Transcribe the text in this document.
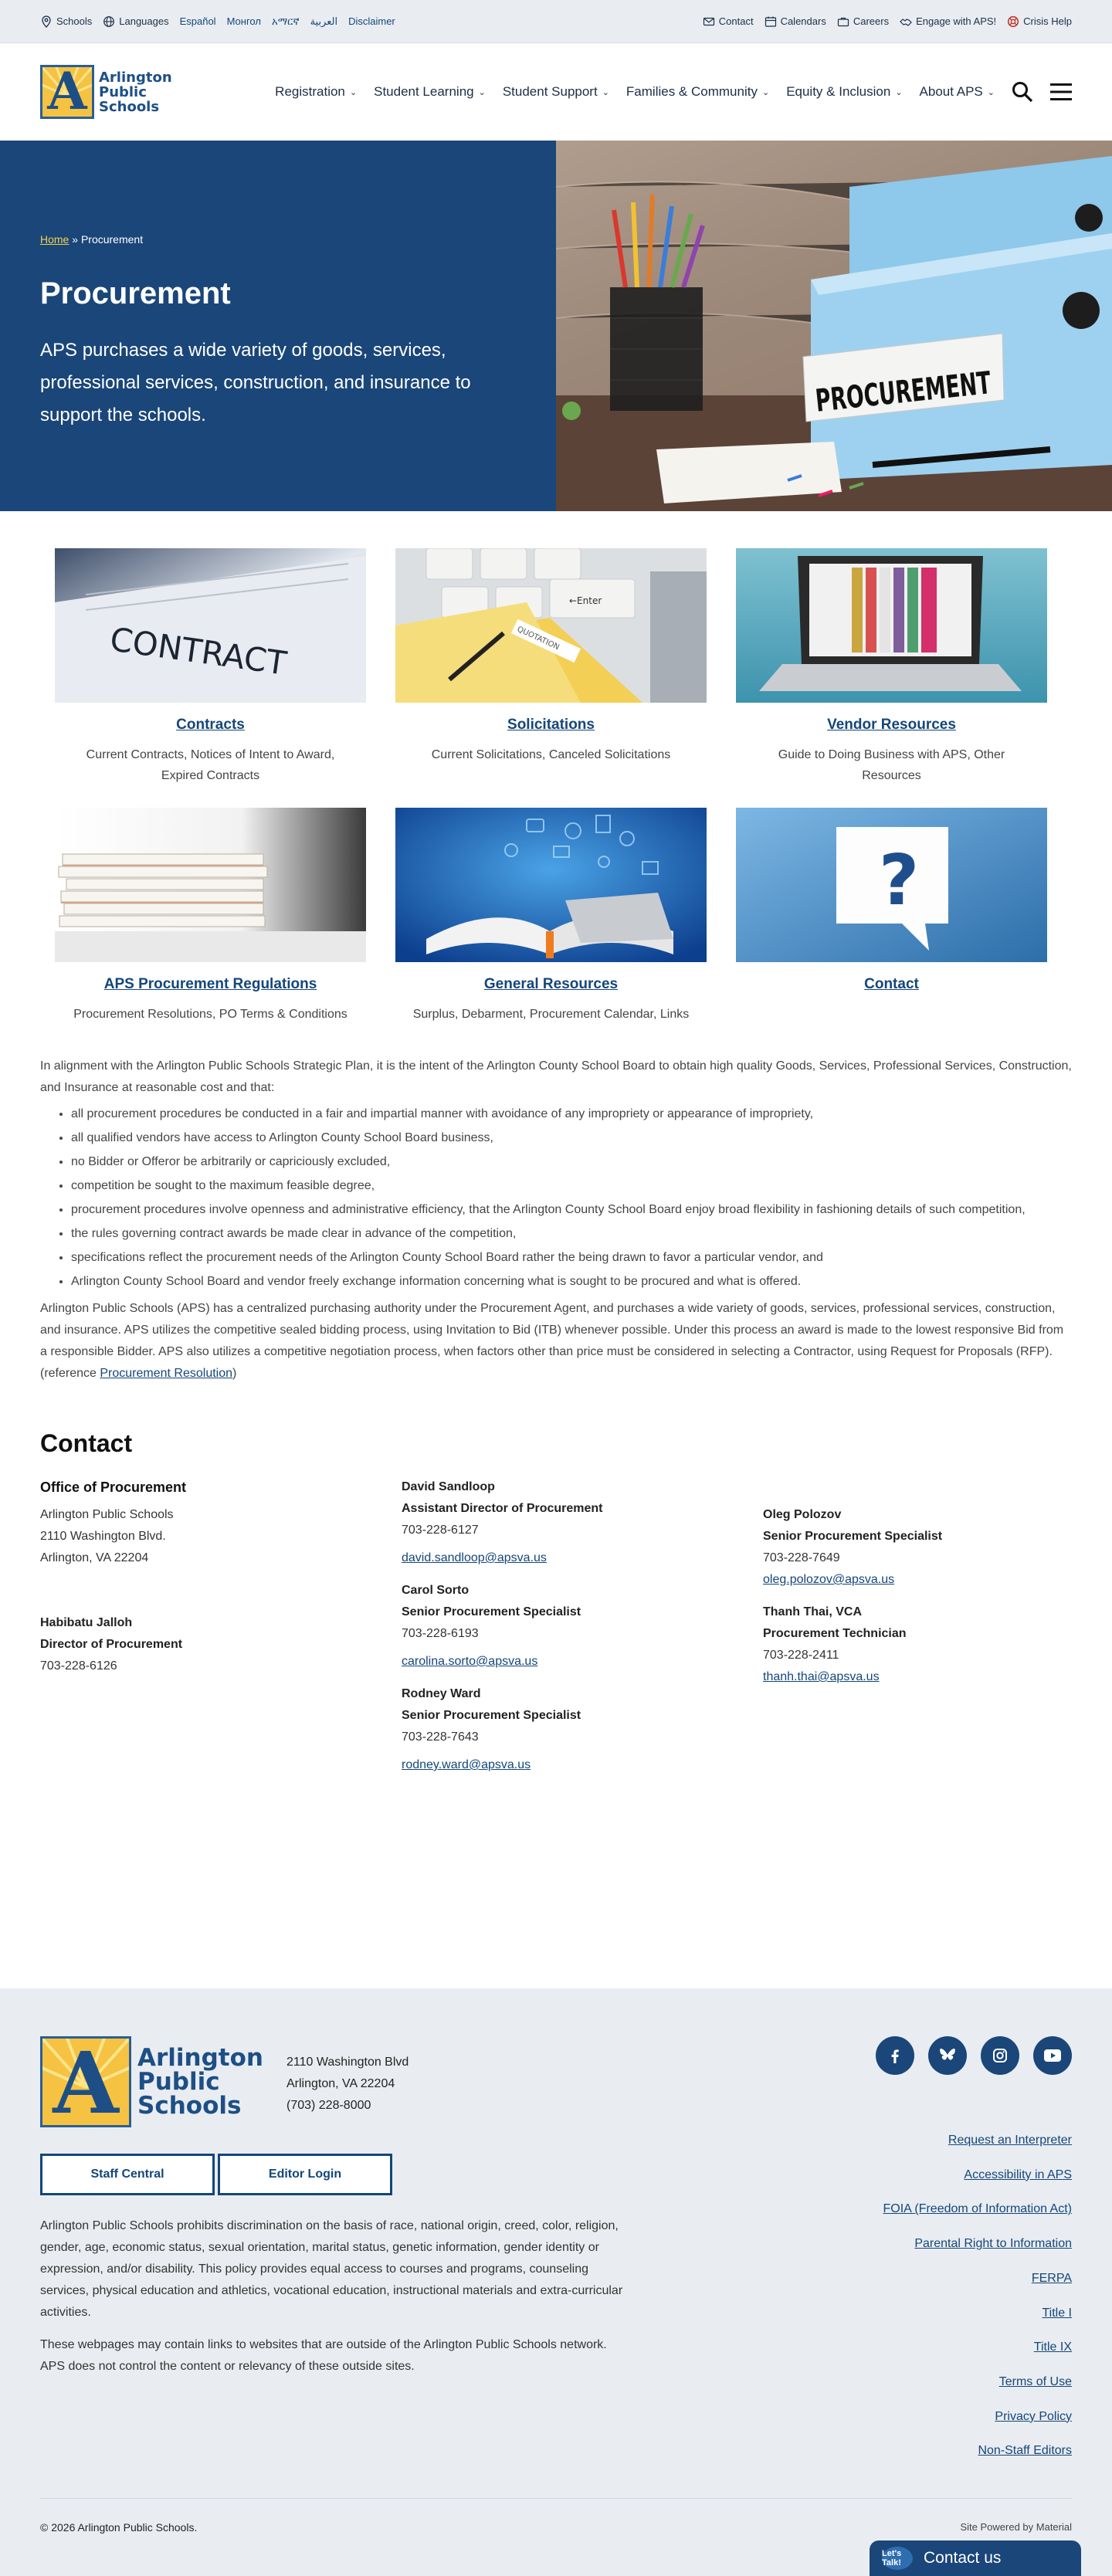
Schools	Languages Español Монгол አማርኛ العربية Disclaimer	Contact	Calendars	Careers	Engage with APS!	Crisis Help
A Arlington
Public
Schools
Registration ⌄ Student Learning ⌄ Student Support ⌄ Families & Community ⌄ Equity & Inclusion ⌄ About APS ⌄
Home » Procurement
Procurement

APS purchases a wide variety of goods, services, professional services, construction, and insurance to support the schools.	PROCUREMENT
CONTRACT
Contracts
Current Contracts, Notices of Intent to Award, Expired Contracts
←Enter
QUOTATION
Solicitations
Current Solicitations, Canceled Solicitations
Vendor Resources
Guide to Doing Business with APS, Other Resources
APS Procurement Regulations
Procurement Resolutions, PO Terms & Conditions
General Resources
Surplus, Debarment, Procurement Calendar, Links
?
Contact

In alignment with the Arlington Public Schools Strategic Plan, it is the intent of the Arlington County School Board to obtain high quality Goods, Services, Professional Services, Construction, and Insurance at reasonable cost and that:

• all procurement procedures be conducted in a fair and impartial manner with avoidance of any impropriety or appearance of impropriety,
• all qualified vendors have access to Arlington County School Board business,
• no Bidder or Offeror be arbitrarily or capriciously excluded,
• competition be sought to the maximum feasible degree,
• procurement procedures involve openness and administrative efficiency, that the Arlington County School Board enjoy broad flexibility in fashioning details of such competition,
• the rules governing contract awards be made clear in advance of the competition,
• specifications reflect the procurement needs of the Arlington County School Board rather the being drawn to favor a particular vendor, and
• Arlington County School Board and vendor freely exchange information concerning what is sought to be procured and what is offered.

Arlington Public Schools (APS) has a centralized purchasing authority under the Procurement Agent, and purchases a wide variety of goods, services, professional services, construction, and insurance. APS utilizes the competitive sealed bidding process, using Invitation to Bid (ITB) whenever possible. Under this process an award is made to the lowest responsive Bid from a responsible Bidder. APS also utilizes a competitive negotiation process, when factors other than price must be considered in selecting a Contractor, using Request for Proposals (RFP).

(reference Procurement Resolution)

Contact
Office of Procurement
Arlington Public Schools
2110 Washington Blvd.
Arlington, VA 22204
Habibatu Jalloh
Director of Procurement
703-228-6126
David Sandloop
Assistant Director of Procurement
703-228-6127
david.sandloop@apsva.us
Carol Sorto
Senior Procurement Specialist
703-228-6193
carolina.sorto@apsva.us
Rodney Ward
Senior Procurement Specialist
703-228-7643
rodney.ward@apsva.us
Oleg Polozov
Senior Procurement Specialist
703-228-7649
oleg.polozov@apsva.us
Thanh Thai, VCA
Procurement Technician
703-228-2411
thanh.thai@apsva.us
A Arlington
Public
Schools
2110 Washington Blvd
Arlington, VA 22204
(703) 228-8000
Staff Central	Editor Login

Arlington Public Schools prohibits discrimination on the basis of race, national origin, creed, color, religion, gender, age, economic status, sexual orientation, marital status, genetic information, gender identity or expression, and/or disability. This policy provides equal access to courses and programs, counseling services, physical education and athletics, vocational education, instructional materials and extra-curricular activities.

These webpages may contain links to websites that are outside of the Arlington Public Schools network. APS does not control the content or relevancy of these outside sites.

Request an Interpreter
Accessibility in APS
FOIA (Freedom of Information Act)
Parental Right to Information
FERPA
Title I
Title IX
Terms of Use
Privacy Policy
Non-Staff Editors
© 2026 Arlington Public Schools.	Site Powered by Material
Let's Talk!	Contact us
